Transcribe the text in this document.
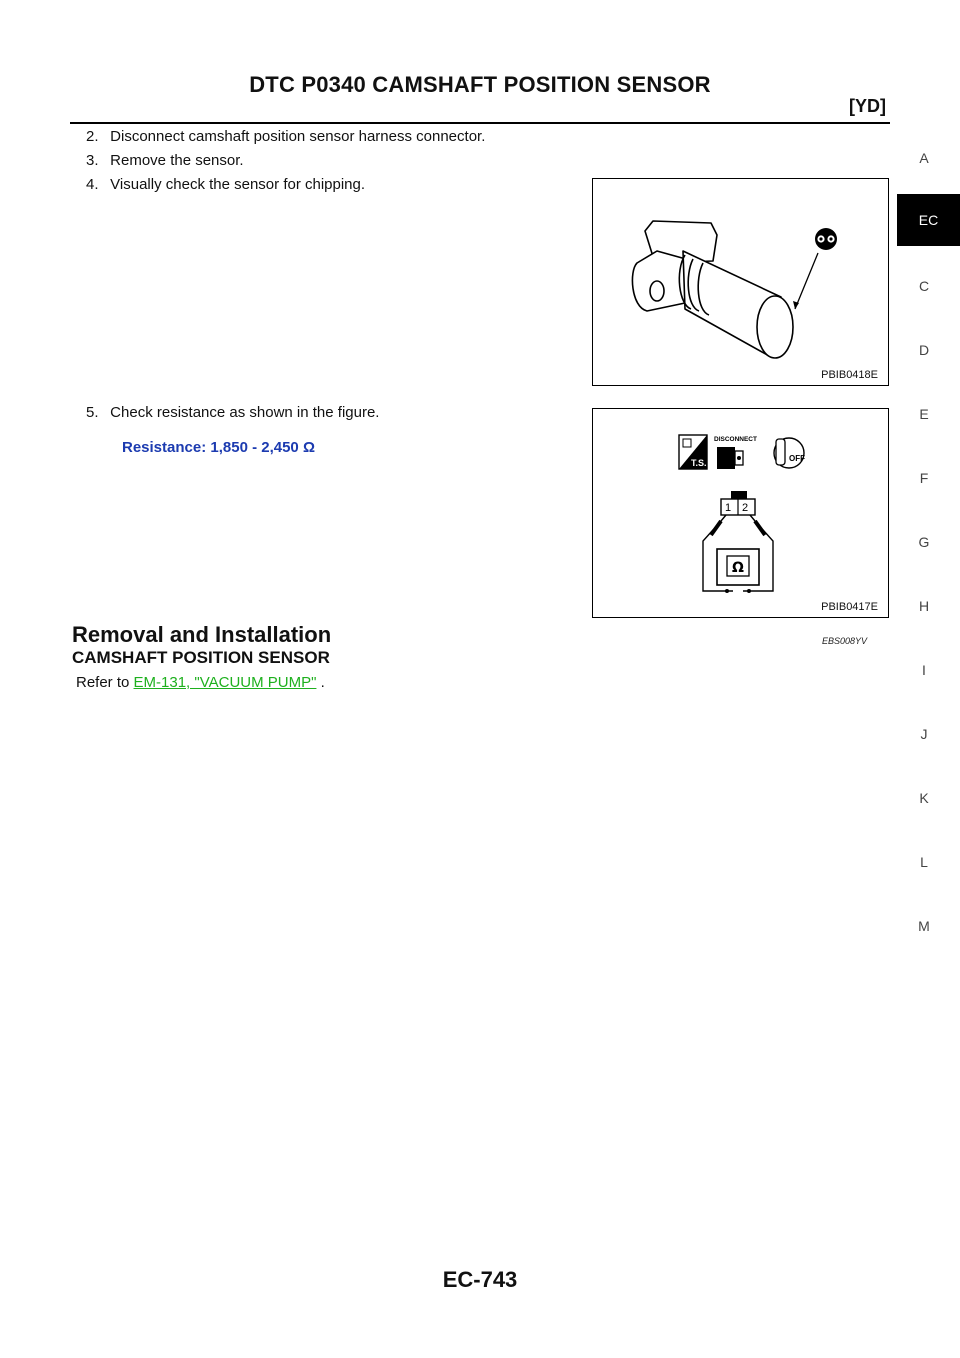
DTC P0340 CAMSHAFT POSITION SENSOR
[YD]
2. Disconnect camshaft position sensor harness connector.
3. Remove the sensor.
4. Visually check the sensor for chipping.
5. Check resistance as shown in the figure.
Resistance: 1,850 - 2,450 Ω
PBIB0418E
T.S.
DISCONNECT
OFF
1 2
Ω
PBIB0417E
Removal and Installation	EBS008YV
CAMSHAFT POSITION SENSOR
Refer to EM-131, "VACUUM PUMP" .
A
EC
C
D
E
F
G
H
I
J
K
L
M
EC-743
